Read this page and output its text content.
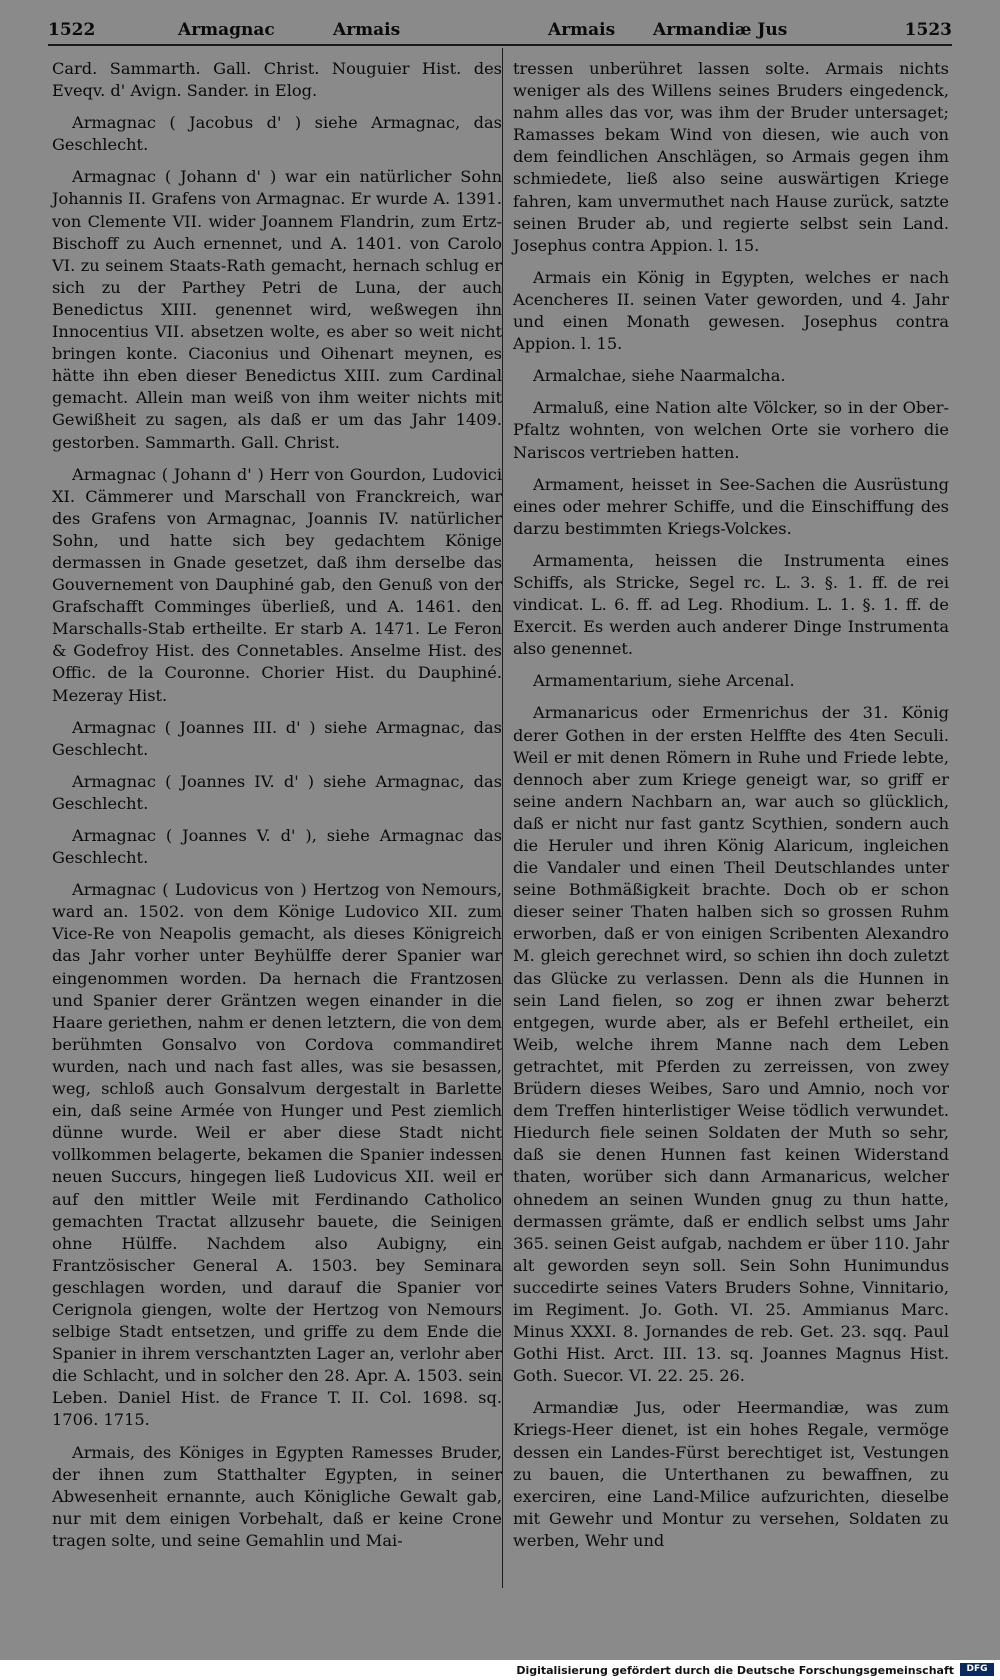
1522	Armagnac	Armais	Armais Armandiæ Jus	1523

Card. Sammarth. Gall. Christ. Nouguier Hist. des Eveqv. d' Avign. Sander. in Elog.

Armagnac ( Jacobus d' ) siehe Armagnac, das Geschlecht.

Armagnac ( Johann d' ) war ein natürlicher Sohn Johannis II. Grafens von Armagnac. Er wurde A. 1391. von Clemente VII. wider Joannem Flandrin, zum Ertz-Bischoff zu Auch ernennet, und A. 1401. von Carolo VI. zu seinem Staats-Rath gemacht, hernach schlug er sich zu der Parthey Petri de Luna, der auch Benedictus XIII. genennet wird, weßwegen ihn Innocentius VII. absetzen wolte, es aber so weit nicht bringen konte. Ciaconius und Oihenart meynen, es hätte ihn eben dieser Benedictus XIII. zum Cardinal gemacht. Allein man weiß von ihm weiter nichts mit Gewißheit zu sagen, als daß er um das Jahr 1409. gestorben. Sammarth. Gall. Christ.

Armagnac ( Johann d' ) Herr von Gourdon, Ludovici XI. Cämmerer und Marschall von Franckreich, war des Grafens von Armagnac, Joannis IV. natürlicher Sohn, und hatte sich bey gedachtem Könige dermassen in Gnade gesetzet, daß ihm derselbe das Gouvernement von Dauphiné gab, den Genuß von der Grafschafft Comminges überließ, und A. 1461. den Marschalls-Stab ertheilte. Er starb A. 1471. Le Feron & Godefroy Hist. des Connetables. Anselme Hist. des Offic. de la Couronne. Chorier Hist. du Dauphiné. Mezeray Hist.

Armagnac ( Joannes III. d' ) siehe Armagnac, das Geschlecht.

Armagnac ( Joannes IV. d' ) siehe Armagnac, das Geschlecht.

Armagnac ( Joannes V. d' ), siehe Armagnac das Geschlecht.

Armagnac ( Ludovicus von ) Hertzog von Nemours, ward an. 1502. von dem Könige Ludovico XII. zum Vice-Re von Neapolis gemacht, als dieses Königreich das Jahr vorher unter Beyhülffe derer Spanier war eingenommen worden. Da hernach die Frantzosen und Spanier derer Gräntzen wegen einander in die Haare geriethen, nahm er denen letztern, die von dem berühmten Gonsalvo von Cordova commandiret wurden, nach und nach fast alles, was sie besassen, weg, schloß auch Gonsalvum dergestalt in Barlette ein, daß seine Armée von Hunger und Pest ziemlich dünne wurde. Weil er aber diese Stadt nicht vollkommen belagerte, bekamen die Spanier indessen neuen Succurs, hingegen ließ Ludovicus XII. weil er auf den mittler Weile mit Ferdinando Catholico gemachten Tractat allzusehr bauete, die Seinigen ohne Hülffe. Nachdem also Aubigny, ein Frantzösischer General A. 1503. bey Seminara geschlagen worden, und darauf die Spanier vor Cerignola giengen, wolte der Hertzog von Nemours selbige Stadt entsetzen, und griffe zu dem Ende die Spanier in ihrem verschantzten Lager an, verlohr aber die Schlacht, und in solcher den 28. Apr. A. 1503. sein Leben. Daniel Hist. de France T. II. Col. 1698. sq. 1706. 1715.

Armais, des Königes in Egypten Ramesses Bruder, der ihnen zum Statthalter Egypten, in seiner Abwesenheit ernannte, auch Königliche Gewalt gab, nur mit dem einigen Vorbehalt, daß er keine Crone tragen solte, und seine Gemahlin und Mai-

tressen unberühret lassen solte. Armais nichts weniger als des Willens seines Bruders eingedenck, nahm alles das vor, was ihm der Bruder untersaget; Ramasses bekam Wind von diesen, wie auch von dem feindlichen Anschlägen, so Armais gegen ihm schmiedete, ließ also seine auswärtigen Kriege fahren, kam unvermuthet nach Hause zurück, satzte seinen Bruder ab, und regierte selbst sein Land. Josephus contra Appion. l. 15.

Armais ein König in Egypten, welches er nach Acencheres II. seinen Vater geworden, und 4. Jahr und einen Monath gewesen. Josephus contra Appion. l. 15.

Armalchae, siehe Naarmalcha.

Armaluß, eine Nation alte Völcker, so in der Ober-Pfaltz wohnten, von welchen Orte sie vorhero die Nariscos vertrieben hatten.

Armament, heisset in See-Sachen die Ausrüstung eines oder mehrer Schiffe, und die Einschiffung des darzu bestimmten Kriegs-Volckes.

Armamenta, heissen die Instrumenta eines Schiffs, als Stricke, Segel rc. L. 3. §. 1. ff. de rei vindicat. L. 6. ff. ad Leg. Rhodium. L. 1. §. 1. ff. de Exercit. Es werden auch anderer Dinge Instrumenta also genennet.

Armamentarium, siehe Arcenal.

Armanaricus oder Ermenrichus der 31. König derer Gothen in der ersten Helffte des 4ten Seculi. Weil er mit denen Römern in Ruhe und Friede lebte, dennoch aber zum Kriege geneigt war, so griff er seine andern Nachbarn an, war auch so glücklich, daß er nicht nur fast gantz Scythien, sondern auch die Heruler und ihren König Alaricum, ingleichen die Vandaler und einen Theil Deutschlandes unter seine Bothmäßigkeit brachte. Doch ob er schon dieser seiner Thaten halben sich so grossen Ruhm erworben, daß er von einigen Scribenten Alexandro M. gleich gerechnet wird, so schien ihn doch zuletzt das Glücke zu verlassen. Denn als die Hunnen in sein Land fielen, so zog er ihnen zwar beherzt entgegen, wurde aber, als er Befehl ertheilet, ein Weib, welche ihrem Manne nach dem Leben getrachtet, mit Pferden zu zerreissen, von zwey Brüdern dieses Weibes, Saro und Amnio, noch vor dem Treffen hinterlistiger Weise tödlich verwundet. Hiedurch fiele seinen Soldaten der Muth so sehr, daß sie denen Hunnen fast keinen Widerstand thaten, worüber sich dann Armanaricus, welcher ohnedem an seinen Wunden gnug zu thun hatte, dermassen grämte, daß er endlich selbst ums Jahr 365. seinen Geist aufgab, nachdem er über 110. Jahr alt geworden seyn soll. Sein Sohn Hunimundus succedirte seines Vaters Bruders Sohne, Vinnitario, im Regiment. Jo. Goth. VI. 25. Ammianus Marc. Minus XXXI. 8. Jornandes de reb. Get. 23. sqq. Paul Gothi Hist. Arct. III. 13. sq. Joannes Magnus Hist. Goth. Suecor. VI. 22. 25. 26.

Armandiæ Jus, oder Heermandiæ, was zum Kriegs-Heer dienet, ist ein hohes Regale, vermöge dessen ein Landes-Fürst berechtiget ist, Vestungen zu bauen, die Unterthanen zu bewaffnen, zu exerciren, eine Land-Milice aufzurichten, dieselbe mit Gewehr und Montur zu versehen, Soldaten zu werben, Wehr und

Digitalisierung gefördert durch die Deutsche Forschungsgemeinschaft	DFG
